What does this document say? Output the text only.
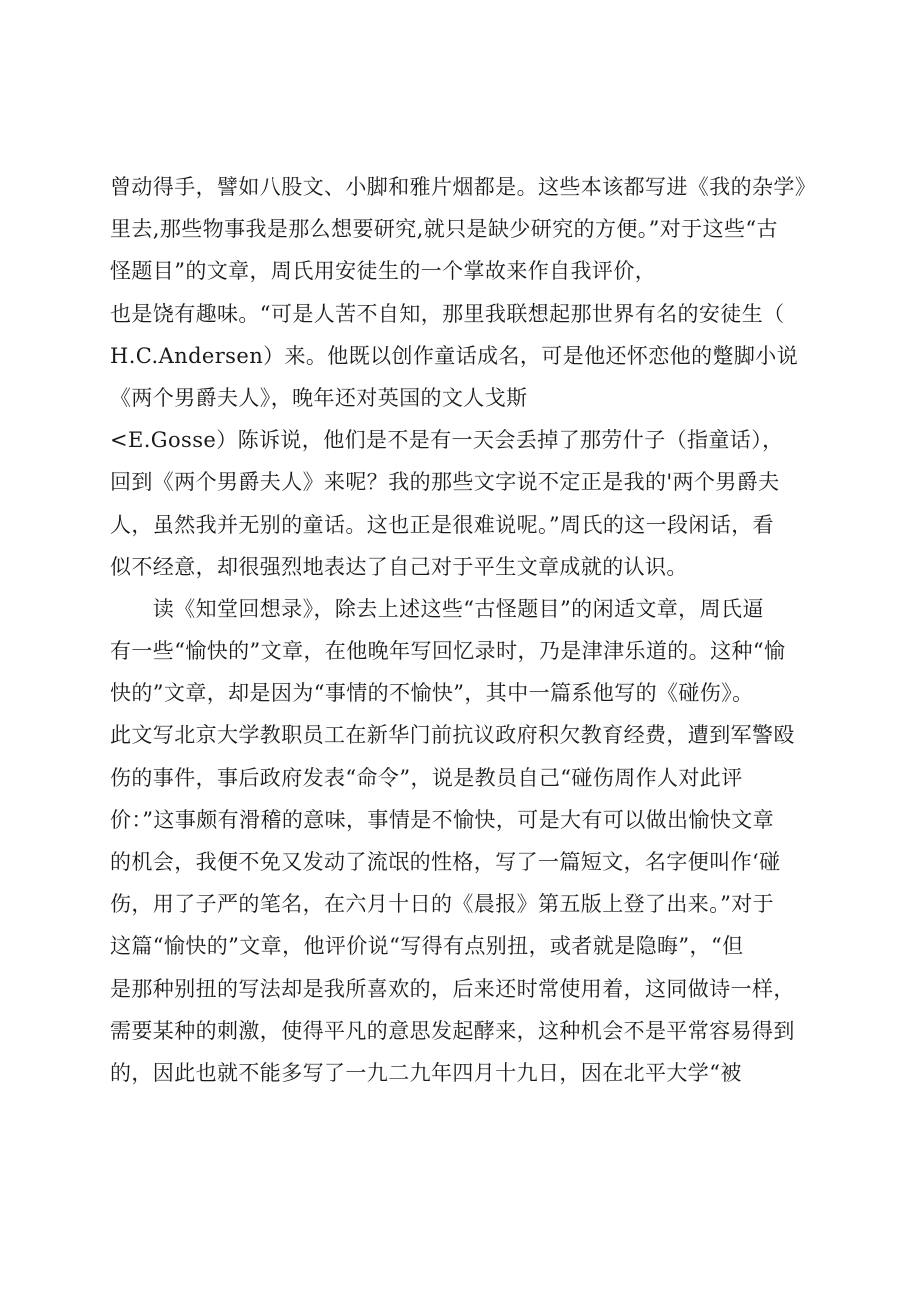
曾动得手，譬如八股文、小脚和雅片烟都是。这些本该都写进《我的杂学》
里去,那些物事我是那么想要研究,就只是缺少研究的方便。”对于这些“古
怪题目”的文章，周氏用安徒生的一个掌故来作自我评价，
也是饶有趣味。“可是人苦不自知，那里我联想起那世界有名的安徒生（
H.C.Andersen）来。他既以创作童话成名，可是他还怀恋他的蹩脚小说
《两个男爵夫人》，晚年还对英国的文人戈斯
<E.Gosse）陈诉说，他们是不是有一天会丢掉了那劳什子（指童话），
回到《两个男爵夫人》来呢？我的那些文字说不定正是我的'两个男爵夫
人，虽然我并无别的童话。这也正是很难说呢。”周氏的这一段闲话，看
似不经意，却很强烈地表达了自己对于平生文章成就的认识。
　　读《知堂回想录》，除去上述这些“古怪题目”的闲适文章，周氏逼
有一些“愉快的”文章，在他晚年写回忆录时，乃是津津乐道的。这种“愉
快的”文章，却是因为“事情的不愉快”，其中一篇系他写的《碰伤》。
此文写北京大学教职员工在新华门前抗议政府积欠教育经费，遭到军警殴
伤的事件，事后政府发表“命令”，说是教员自己“碰伤周作人对此评
价：”这事颇有滑稽的意味，事情是不愉快，可是大有可以做出愉快文章
的机会，我便不免又发动了流氓的性格，写了一篇短文，名字便叫作‘碰
伤，用了子严的笔名，在六月十日的《晨报》第五版上登了出来。”对于
这篇“愉快的”文章，他评价说“写得有点别扭，或者就是隐晦”，“但
是那种别扭的写法却是我所喜欢的，后来还时常使用着，这同做诗一样，
需要某种的刺激，使得平凡的意思发起酵来，这种机会不是平常容易得到
的，因此也就不能多写了一九二九年四月十九日，因在北平大学“被
